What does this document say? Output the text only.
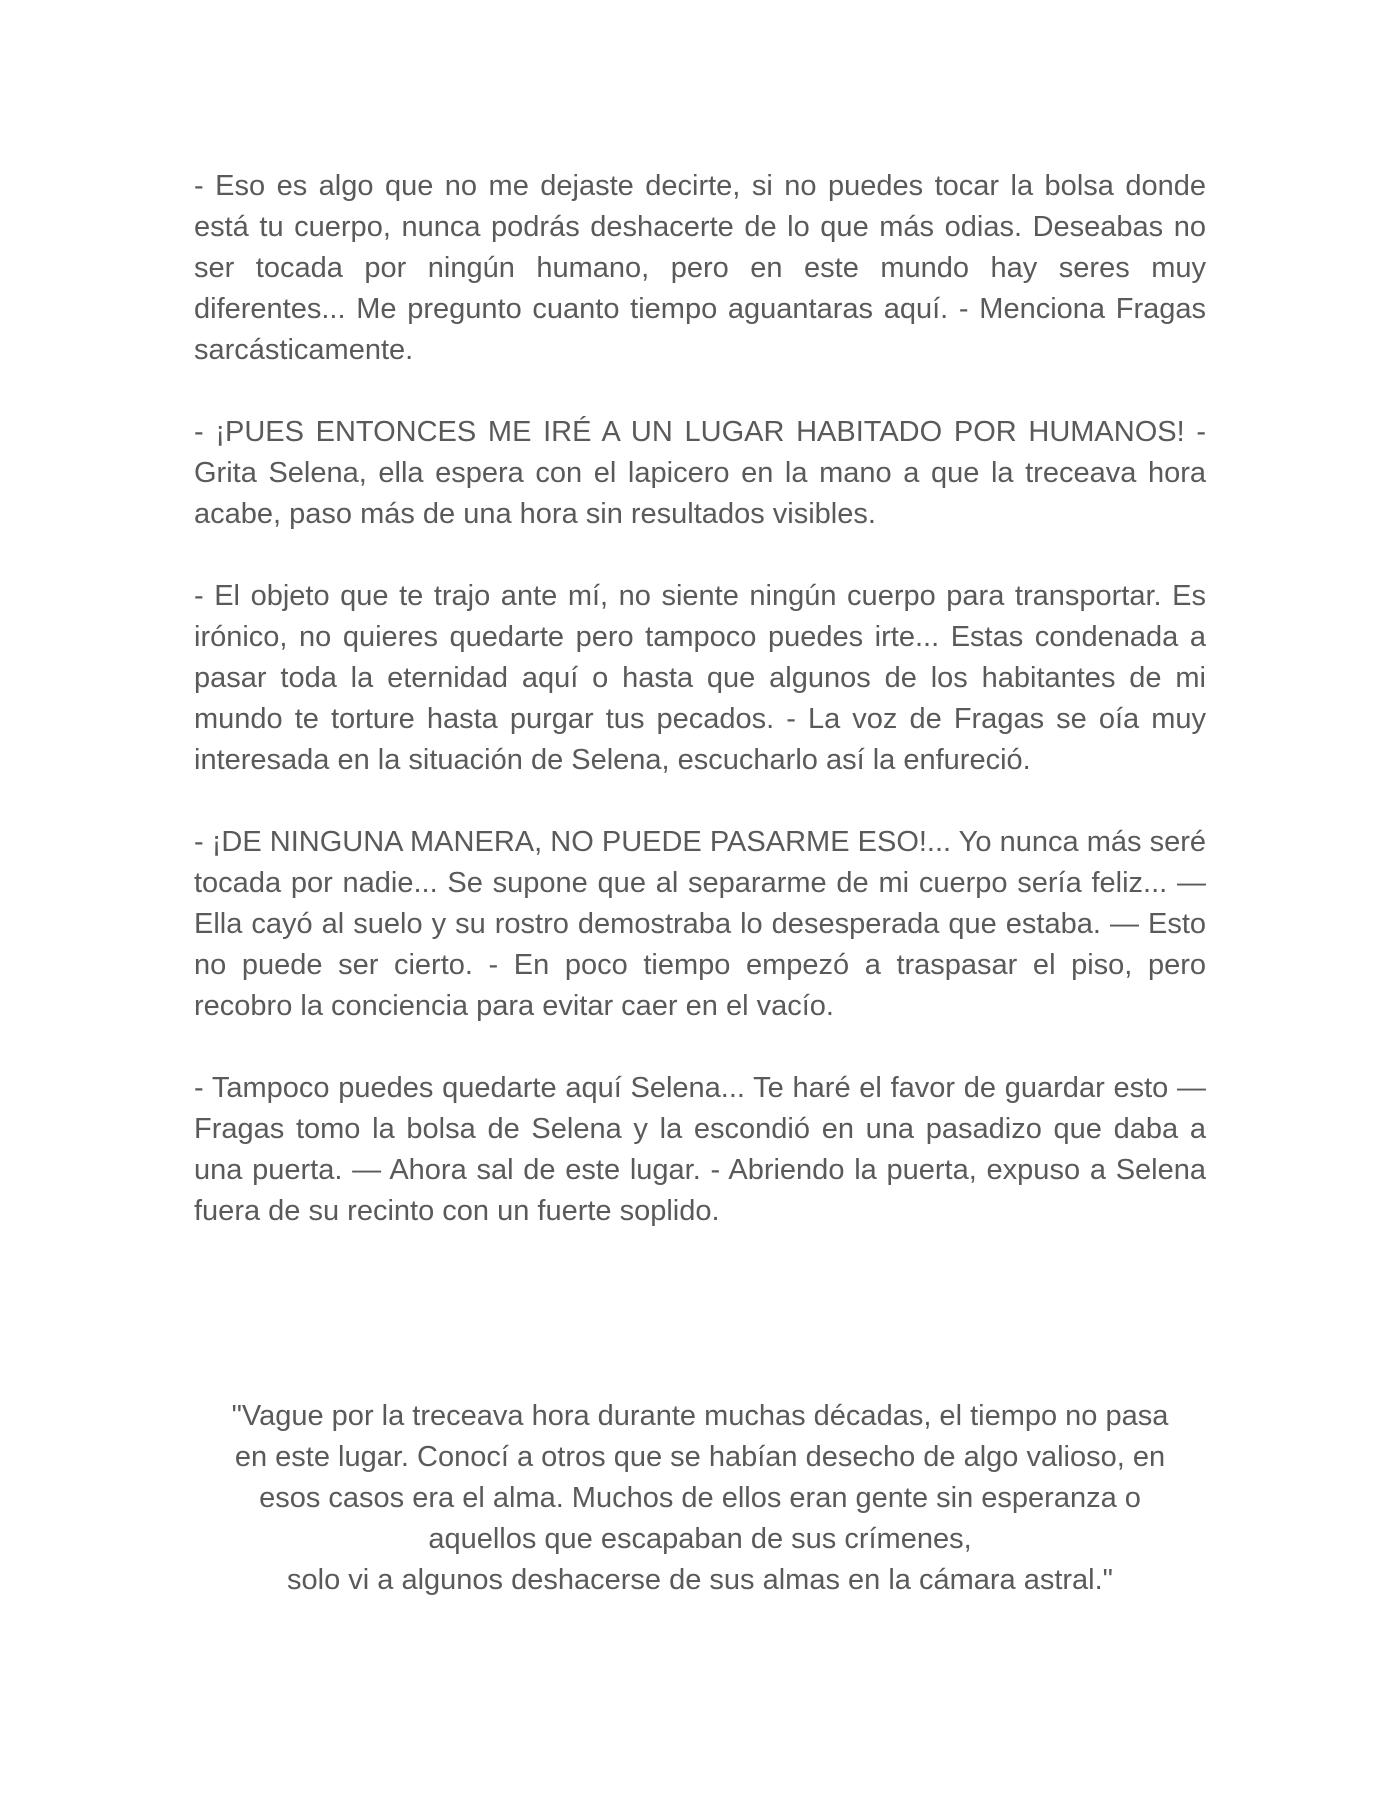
- Eso es algo que no me dejaste decirte, si no puedes tocar la bolsa donde está tu cuerpo, nunca podrás deshacerte de lo que más odias. Deseabas no ser tocada por ningún humano, pero en este mundo hay seres muy diferentes... Me pregunto cuanto tiempo aguantaras aquí. - Menciona Fragas sarcásticamente.

- ¡PUES ENTONCES ME IRÉ A UN LUGAR HABITADO POR HUMANOS! - Grita Selena, ella espera con el lapicero en la mano a que la treceava hora acabe, paso más de una hora sin resultados visibles.

- El objeto que te trajo ante mí, no siente ningún cuerpo para transportar. Es irónico, no quieres quedarte pero tampoco puedes irte... Estas condenada a pasar toda la eternidad aquí o hasta que algunos de los habitantes de mi mundo te torture hasta purgar tus pecados. - La voz de Fragas se oía muy interesada en la situación de Selena, escucharlo así la enfureció.

- ¡DE NINGUNA MANERA, NO PUEDE PASARME ESO!... Yo nunca más seré tocada por nadie... Se supone que al separarme de mi cuerpo sería feliz... — Ella cayó al suelo y su rostro demostraba lo desesperada que estaba. — Esto no puede ser cierto. - En poco tiempo empezó a traspasar el piso, pero recobro la conciencia para evitar caer en el vacío.

- Tampoco puedes quedarte aquí Selena... Te haré el favor de guardar esto — Fragas tomo la bolsa de Selena y la escondió en una pasadizo que daba a una puerta. — Ahora sal de este lugar. - Abriendo la puerta, expuso a Selena fuera de su recinto con un fuerte soplido.

"Vague por la treceava hora durante muchas décadas, el tiempo no pasa
en este lugar. Conocí a otros que se habían desecho de algo valioso, en
esos casos era el alma. Muchos de ellos eran gente sin esperanza o
aquellos que escapaban de sus crímenes,
solo vi a algunos deshacerse de sus almas en la cámara astral."
